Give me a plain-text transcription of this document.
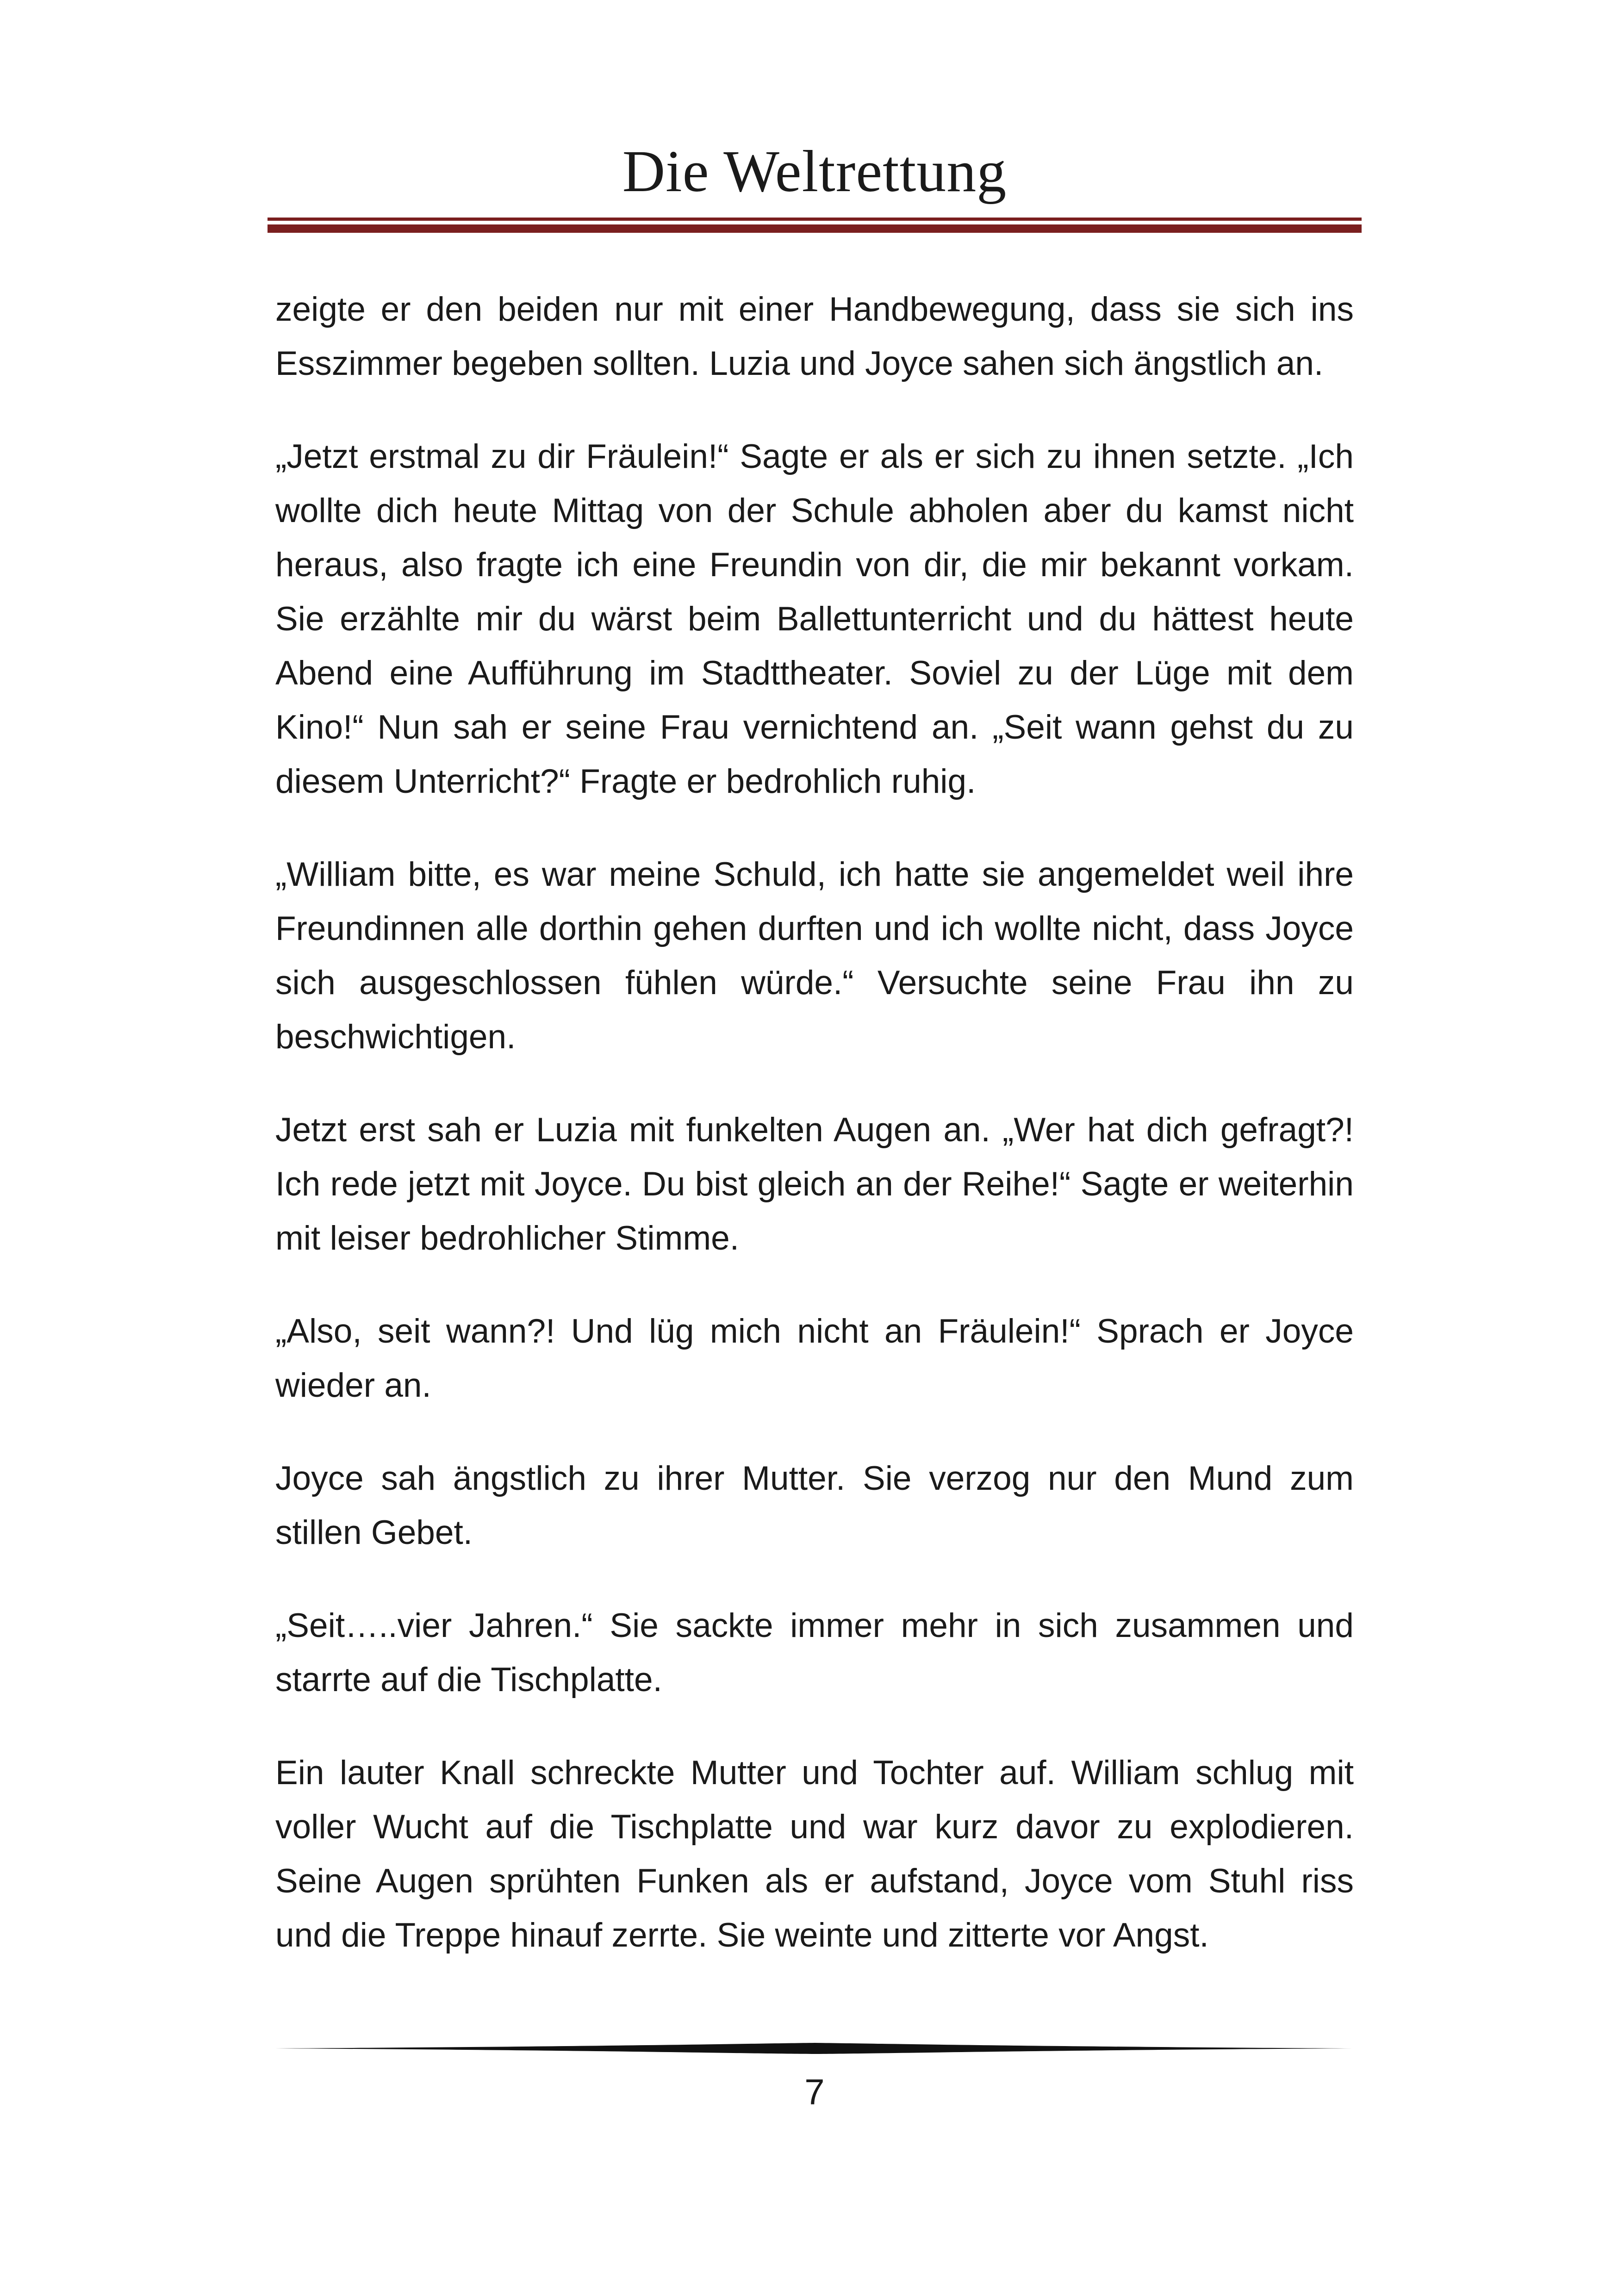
Die Weltrettung

zeigte er den beiden nur mit einer Handbewegung, dass sie sich ins Esszimmer begeben sollten. Luzia und Joyce sahen sich ängstlich an.

„Jetzt erstmal zu dir Fräulein!“ Sagte er als er sich zu ihnen setzte. „Ich wollte dich heute Mittag von der Schule abholen aber du kamst nicht heraus, also fragte ich eine Freundin von dir, die mir bekannt vorkam. Sie erzählte mir du wärst beim Ballettunterricht und du hättest heute Abend eine Aufführung im Stadttheater. Soviel zu der Lüge mit dem Kino!“ Nun sah er seine Frau vernichtend an. „Seit wann gehst du zu diesem Unterricht?“ Fragte er bedrohlich ruhig.

„William bitte, es war meine Schuld, ich hatte sie angemeldet weil ihre Freundinnen alle dorthin gehen durften und ich wollte nicht, dass Joyce sich ausgeschlossen fühlen würde.“ Versuchte seine Frau ihn zu beschwichtigen.

Jetzt erst sah er Luzia mit funkelten Augen an. „Wer hat dich gefragt?! Ich rede jetzt mit Joyce. Du bist gleich an der Reihe!“ Sagte er weiterhin mit leiser bedrohlicher Stimme.

„Also, seit wann?! Und lüg mich nicht an Fräulein!“ Sprach er Joyce wieder an.

Joyce sah ängstlich zu ihrer Mutter. Sie verzog nur den Mund zum stillen Gebet.

„Seit…..vier Jahren.“ Sie sackte immer mehr in sich zusammen und starrte auf die Tischplatte.

Ein lauter Knall schreckte Mutter und Tochter auf. William schlug mit voller Wucht auf die Tischplatte und war kurz davor zu explodieren. Seine Augen sprühten Funken als er aufstand, Joyce vom Stuhl riss und die Treppe hinauf zerrte. Sie weinte und zitterte vor Angst.

7
